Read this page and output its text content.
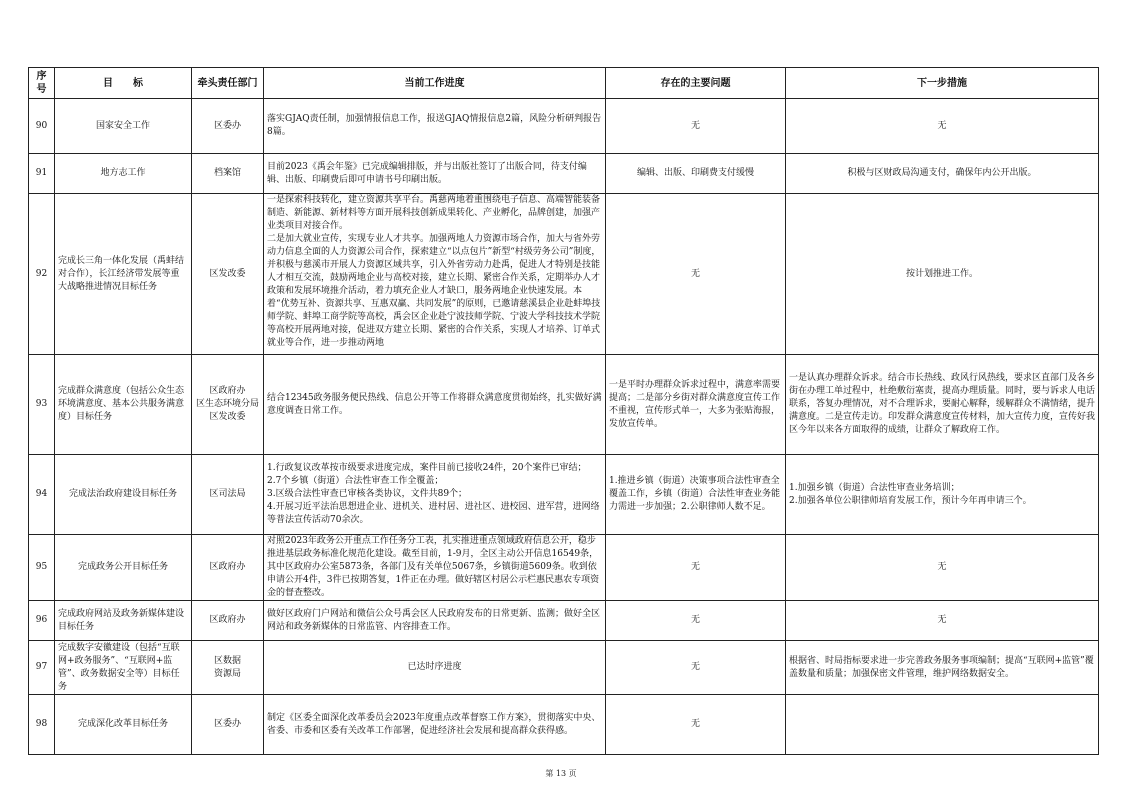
序号	目　　标	牵头责任部门	当前工作进度	存在的主要问题	下一步措施
90	国家安全工作	区委办	落实GJAQ责任制，加强情报信息工作，报送GJAQ情报信息2篇，风险分析研判报告8篇。	无	无
91	地方志工作	档案馆	目前2023《禹会年鉴》已完成编辑排版，并与出版社签订了出版合同，待支付编辑、出版、印刷费后即可申请书号印刷出版。	编辑、出版、印刷费支付缓慢	积极与区财政局沟通支付，确保年内公开出版。
92	完成长三角一体化发展（禹蚌结对合作），长江经济带发展等重大战略推进情况目标任务	区发改委	一是探索科技转化，建立资源共享平台。禹慈两地着重围绕电子信息、高端智能装备制造、新能源、新材料等方面开展科技创新成果转化、产业孵化，品牌创建，加强产业类项目对接合作。
二是加大就业宣传，实现专业人才共享。加强两地人力资源市场合作，加大与省外劳动力信息全面的人力资源公司合作，探索建立“以点包片”新型“村级劳务公司”制度，并积极与慈溪市开展人力资源区域共享，引入外省劳动力赴禹，促进人才特别是技能人才相互交流，鼓励两地企业与高校对接，建立长期、紧密合作关系，定期举办人才政策和发展环境推介活动，着力填充企业人才缺口，服务两地企业快速发展。本着“优势互补、资源共享、互惠双赢、共同发展”的原则，已邀请慈溪县企业赴蚌埠技师学院、蚌埠工商学院等高校，禹会区企业赴宁波技师学院、宁波大学科技技术学院等高校开展两地对接，促进双方建立长期、紧密的合作关系，实现人才培养、订单式就业等合作，进一步推动两地	无	按计划推进工作。
93	完成群众满意度（包括公众生态环境满意度、基本公共服务满意度）目标任务	区政府办
区生态环境分局
区发改委	结合12345政务服务便民热线、信息公开等工作将群众满意度贯彻始终，扎实做好满意度调查日常工作。	一是平时办理群众诉求过程中，满意率需要提高；二是部分乡街对群众满意度宣传工作不重视，宣传形式单一，大多为张贴海报，发放宣传单。	一是认真办理群众诉求。结合市长热线、政风行风热线，要求区直部门及各乡街在办理工单过程中，杜绝敷衍塞责，提高办理质量。同时，要与诉求人电话联系，答复办理情况，对不合理诉求，要耐心解释，缓解群众不满情绪，提升满意度。二是宣传走访。印发群众满意度宣传材料，加大宣传力度，宣传好我区今年以来各方面取得的成绩，让群众了解政府工作。
94	完成法治政府建设目标任务	区司法局	1.行政复议改革按市级要求进度完成，案件目前已接收24件，20个案件已审结；
2.7个乡镇（街道）合法性审查工作全覆盖；
3.区级合法性审查已审核各类协议，文件共89个；
4.开展习近平法治思想进企业、进机关、进村居、进社区、进校园、进军营，进网络等普法宣传活动70余次。	1.推进乡镇（街道）决策事项合法性审查全覆盖工作，乡镇（街道）合法性审查业务能力需进一步加强；2.公职律师人数不足。	1.加强乡镇（街道）合法性审查业务培训；
2.加强各单位公职律师培育发展工作，预计今年再申请三个。
95	完成政务公开目标任务	区政府办	对照2023年政务公开重点工作任务分工表，扎实推进重点领域政府信息公开，稳步推进基层政务标准化规范化建设。截至目前，1-9月，全区主动公开信息16549条，其中区政府办公室5873条，各部门及有关单位5067条，乡镇街道5609条。收到依申请公开4件，3件已按期答复，1件正在办理。做好辖区村居公示栏惠民惠农专项资金的督查整改。	无	无
96	完成政府网站及政务新媒体建设目标任务	区政府办	做好区政府门户网站和微信公众号禹会区人民政府发布的日常更新、监测；做好全区网站和政务新媒体的日常监管、内容排查工作。	无	无
97	完成数字安徽建设（包括“互联网+政务服务”、“互联网+监管”、政务数据安全等）目标任务	区数据
资源局	已达时序进度	无	根据省、时局指标要求进一步完善政务服务事项编制；提高“互联网+监管”覆盖数量和质量；加强保密文件管理，维护网络数据安全。
98	完成深化改革目标任务	区委办	制定《区委全面深化改革委员会2023年度重点改革督察工作方案》，贯彻落实中央、省委、市委和区委有关改革工作部署，促进经济社会发展和提高群众获得感。	无	
第 13 页
